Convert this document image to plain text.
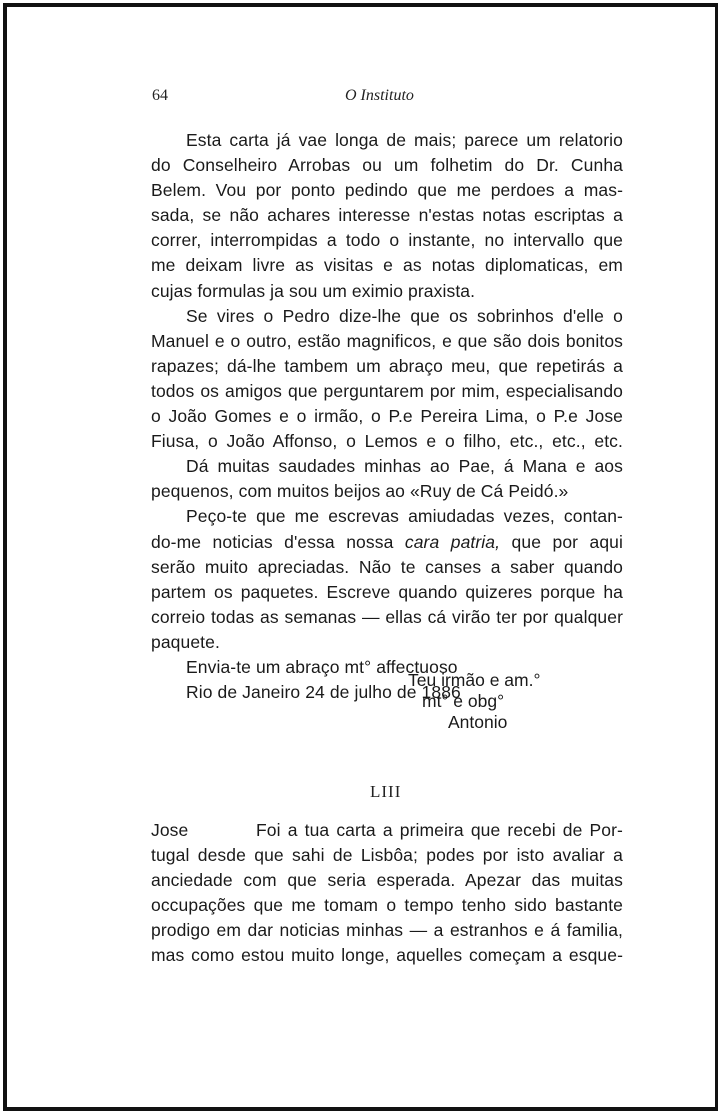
64	O Instituto
Esta carta já vae longa de mais; parece um relatorio
do Conselheiro Arrobas ou um folhetim do Dr. Cunha
Belem. Vou por ponto pedindo que me perdoes a mas-
sada, se não achares interesse n'estas notas escriptas a
correr, interrompidas a todo o instante, no intervallo que
me deixam livre as visitas e as notas diplomaticas, em
cujas formulas ja sou um eximio praxista.
Se vires o Pedro dize-lhe que os sobrinhos d'elle o
Manuel e o outro, estão magnificos, e que são dois bonitos
rapazes; dá-lhe tambem um abraço meu, que repetirás a
todos os amigos que perguntarem por mim, especialisando
o João Gomes e o irmão, o P.e Pereira Lima, o P.e Jose
Fiusa, o João Affonso, o Lemos e o filho, etc., etc., etc.
Dá muitas saudades minhas ao Pae, á Mana e aos
pequenos, com muitos beijos ao «Ruy de Cá Peidó.»
Peço-te que me escrevas amiudadas vezes, contan-
do-me noticias d'essa nossa cara patria, que por aqui
serão muito apreciadas. Não te canses a saber quando
partem os paquetes. Escreve quando quizeres porque ha
correio todas as semanas — ellas cá virão ter por qualquer
paquete.
Envia-te um abraço mt° affectuoso
Rio de Janeiro 24 de julho de 1886
Teu irmão e am.°
mt° e obg°
Antonio
LIII
Jose	Foi a tua carta a primeira que recebi de Por-
tugal desde que sahi de Lisbôa; podes por isto avaliar a
anciedade com que seria esperada. Apezar das muitas
occupações que me tomam o tempo tenho sido bastante
prodigo em dar noticias minhas — a estranhos e á familia,
mas como estou muito longe, aquelles começam a esque-
